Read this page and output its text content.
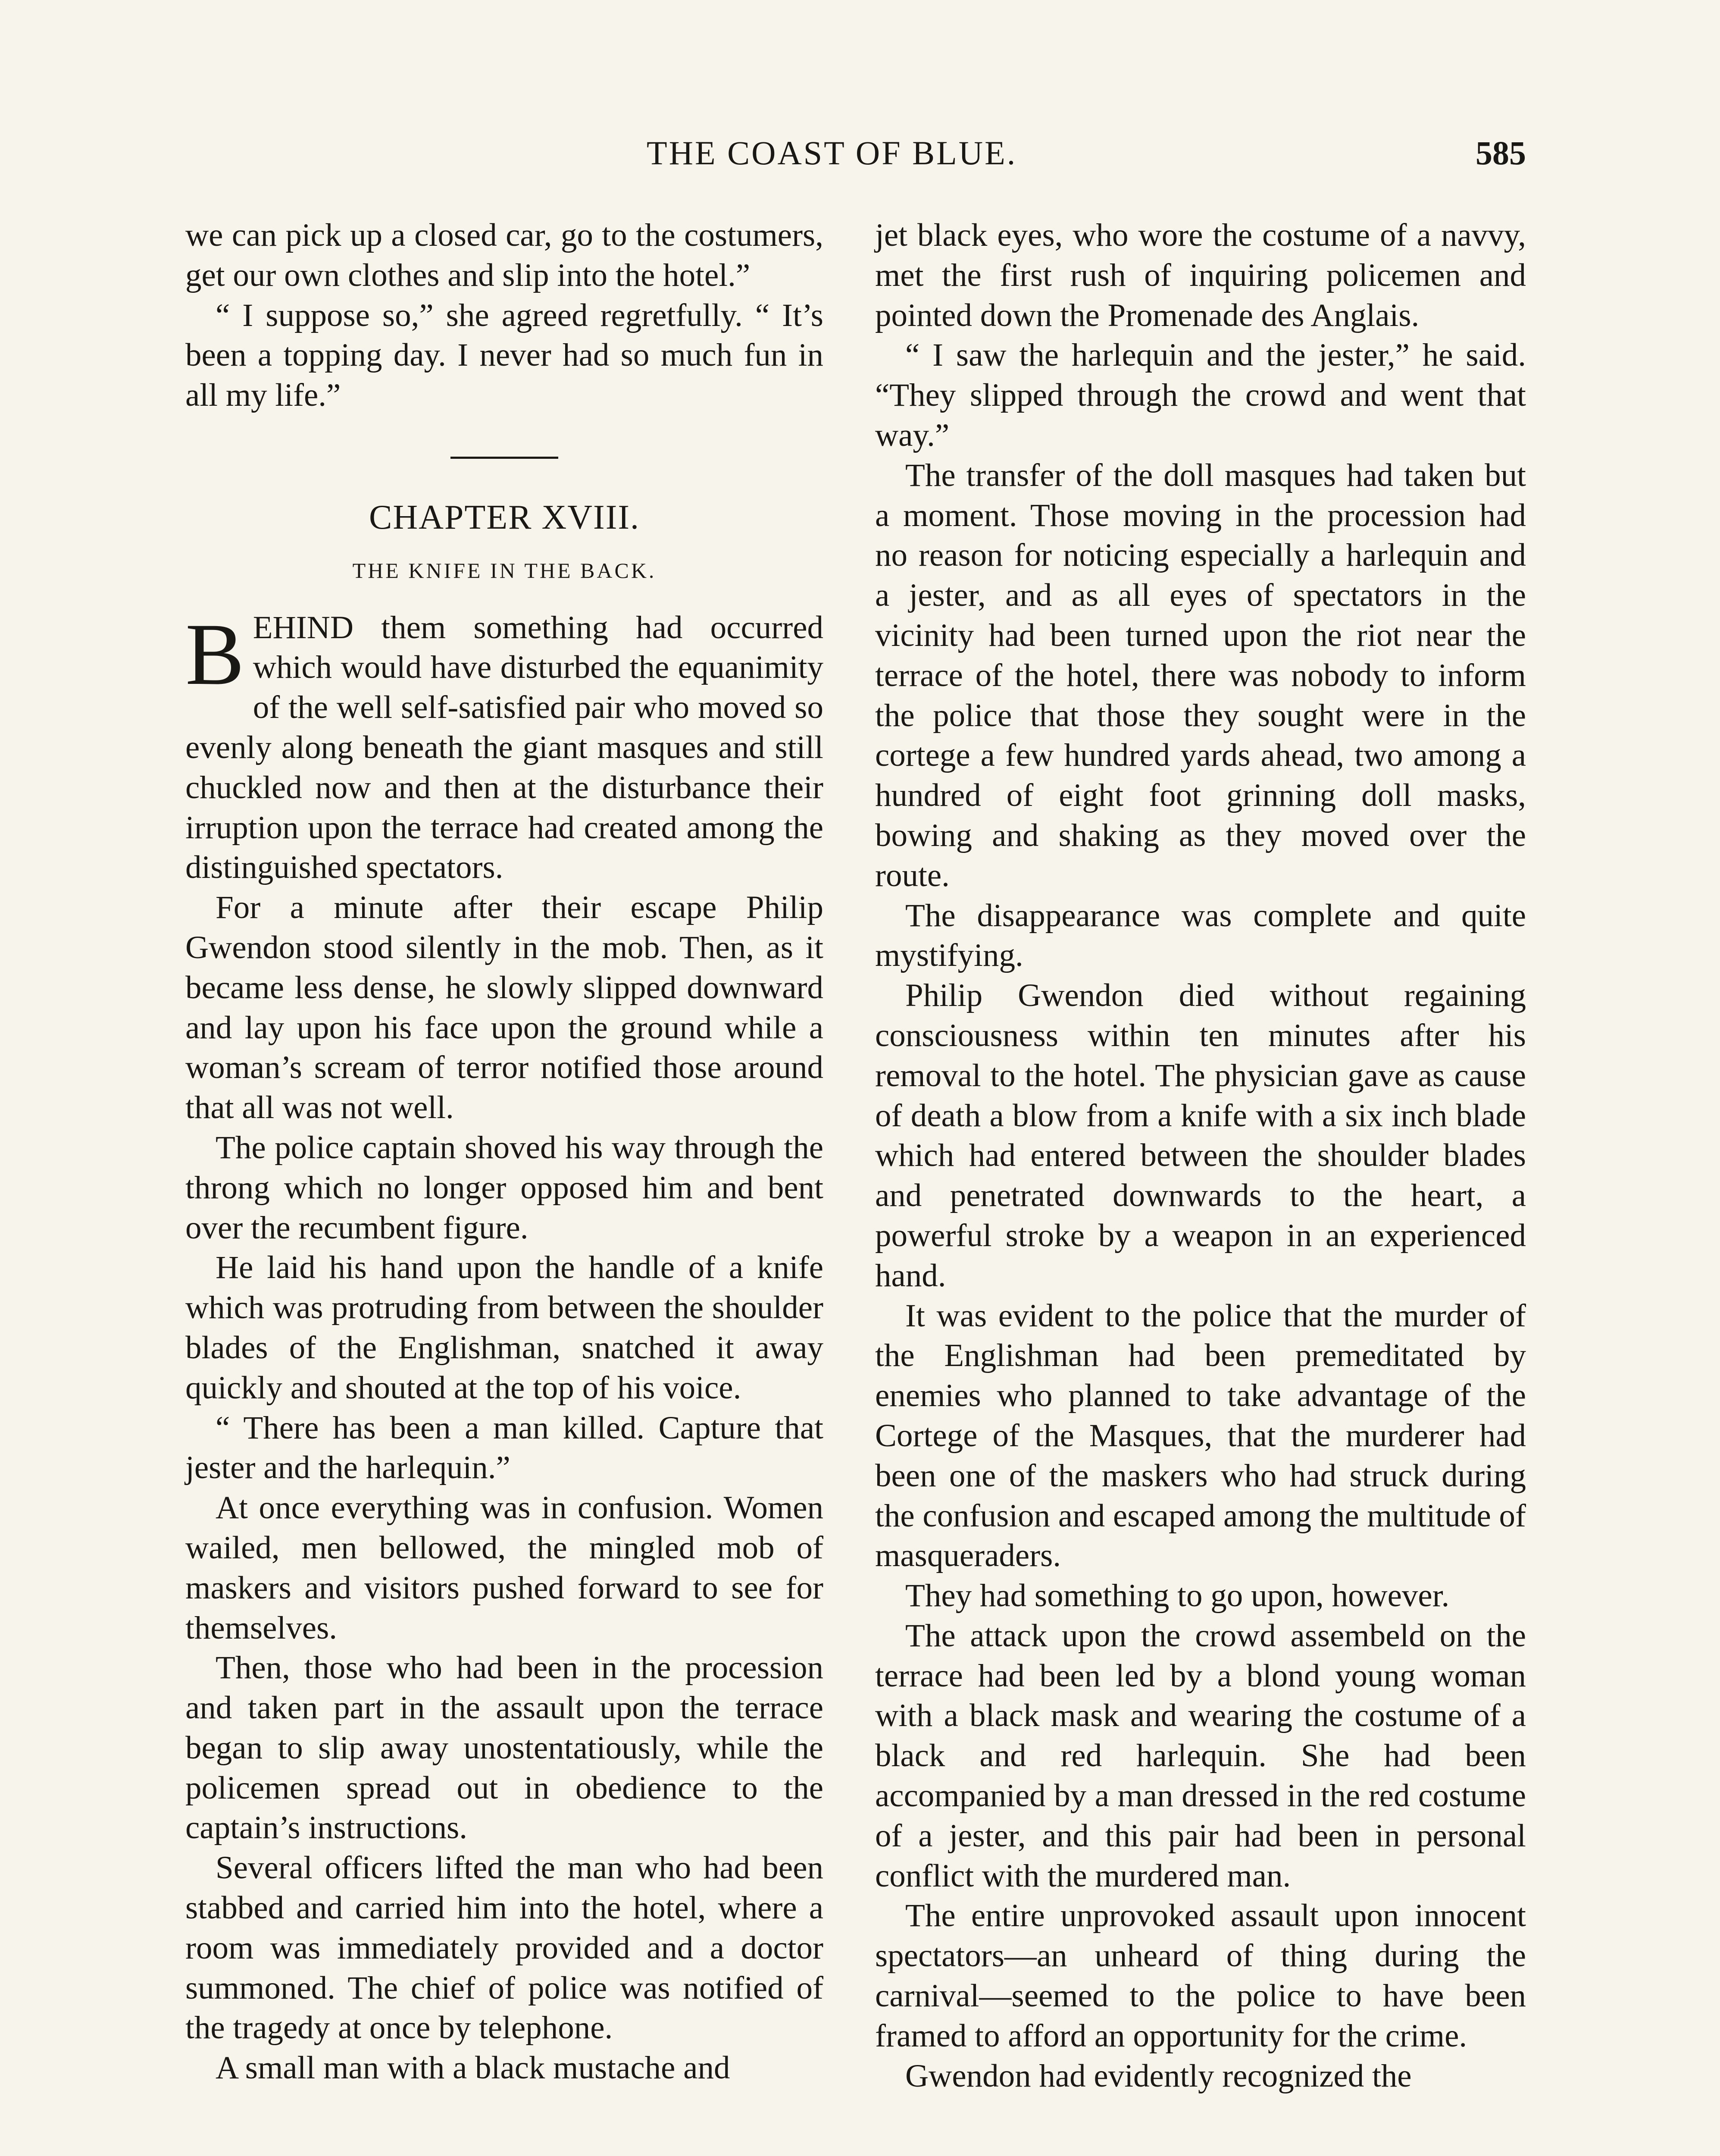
THE COAST OF BLUE.	585

we can pick up a closed car, go to the costumers, get our own clothes and slip into the hotel.”

“ I suppose so,” she agreed regretfully. “ It’s been a topping day. I never had so much fun in all my life.”

CHAPTER XVIII.
THE KNIFE IN THE BACK.

BEHIND them something had occurred which would have disturbed the equanimity of the well self-satisfied pair who moved so evenly along beneath the giant masques and still chuckled now and then at the disturbance their irruption upon the terrace had created among the distinguished spectators.

For a minute after their escape Philip Gwendon stood silently in the mob. Then, as it became less dense, he slowly slipped downward and lay upon his face upon the ground while a woman’s scream of terror notified those around that all was not well.

The police captain shoved his way through the throng which no longer opposed him and bent over the recumbent figure.

He laid his hand upon the handle of a knife which was protruding from between the shoulder blades of the Englishman, snatched it away quickly and shouted at the top of his voice.

“ There has been a man killed. Capture that jester and the harlequin.”

At once everything was in confusion. Women wailed, men bellowed, the mingled mob of maskers and visitors pushed forward to see for themselves.

Then, those who had been in the procession and taken part in the assault upon the terrace began to slip away unostentatiously, while the policemen spread out in obedience to the captain’s instructions.

Several officers lifted the man who had been stabbed and carried him into the hotel, where a room was immediately provided and a doctor summoned. The chief of police was notified of the tragedy at once by telephone.

A small man with a black mustache and

jet black eyes, who wore the costume of a navvy, met the first rush of inquiring policemen and pointed down the Promenade des Anglais.

“ I saw the harlequin and the jester,” he said. “They slipped through the crowd and went that way.”

The transfer of the doll masques had taken but a moment. Those moving in the procession had no reason for noticing especially a harlequin and a jester, and as all eyes of spectators in the vicinity had been turned upon the riot near the terrace of the hotel, there was nobody to inform the police that those they sought were in the cortege a few hundred yards ahead, two among a hundred of eight foot grinning doll masks, bowing and shaking as they moved over the route.

The disappearance was complete and quite mystifying.

Philip Gwendon died without regaining consciousness within ten minutes after his removal to the hotel. The physician gave as cause of death a blow from a knife with a six inch blade which had entered between the shoulder blades and penetrated downwards to the heart, a powerful stroke by a weapon in an experienced hand.

It was evident to the police that the murder of the Englishman had been premeditated by enemies who planned to take advantage of the Cortege of the Masques, that the murderer had been one of the maskers who had struck during the confusion and escaped among the multitude of masqueraders.

They had something to go upon, however.

The attack upon the crowd assembeld on the terrace had been led by a blond young woman with a black mask and wearing the costume of a black and red harlequin. She had been accompanied by a man dressed in the red costume of a jester, and this pair had been in personal conflict with the murdered man.

The entire unprovoked assault upon innocent spectators—an unheard of thing during the carnival—seemed to the police to have been framed to afford an opportunity for the crime.

Gwendon had evidently recognized the
